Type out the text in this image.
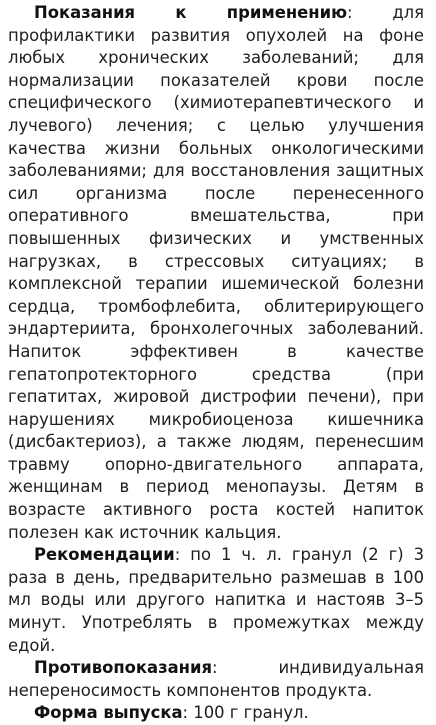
Показания к применению: для профилактики развития опухолей на фоне любых хронических заболеваний; для нормализации показателей крови после специфического (химиотерапевтического и лучевого) лечения; с целью улучшения качества жизни больных онкологическими заболеваниями; для восстановления защитных сил организма после перенесенного оперативного вмешательства, при повышенных физических и умственных нагрузках, в стрессовых ситуациях; в комплексной терапии ишемической болезни сердца, тромбофлебита, облитерирующего эндартериита, бронхолегочных заболеваний. Напиток эффективен в качестве гепатопротекторного средства (при гепатитах, жировой дистрофии печени), при нарушениях микробиоценоза кишечника (дисбактериоз), а также людям, перенесшим травму опорно-двигательного аппарата, женщинам в период менопаузы. Детям в возрасте активного роста костей напиток полезен как источник кальция.

Рекомендации: по 1 ч. л. гранул (2 г) 3 раза в день, предварительно размешав в 100 мл воды или другого напитка и настояв 3–5 минут. Употреблять в промежутках между едой.

Противопоказания: индивидуальная непереносимость компонентов продукта.

Форма выпуска: 100 г гранул.
